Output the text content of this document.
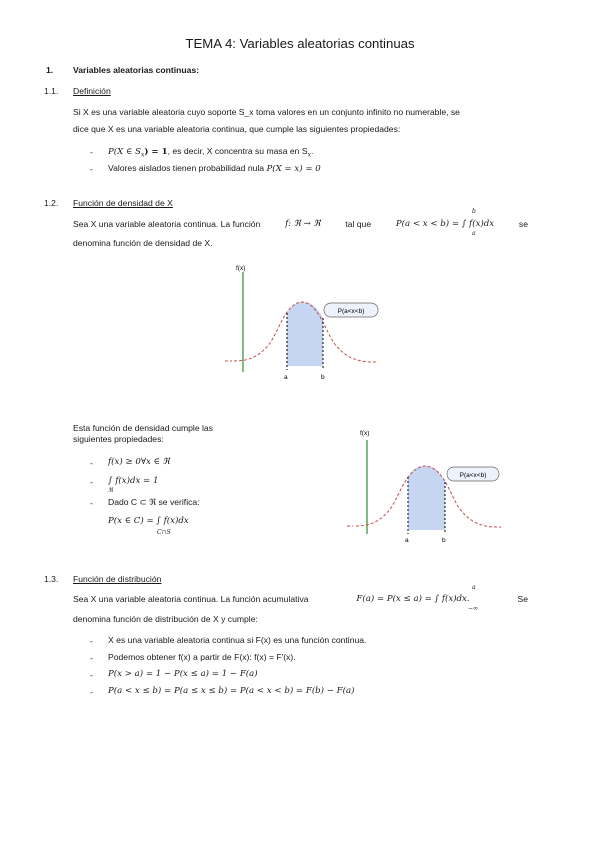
TEMA 4: Variables aleatorias continuas
1. Variables aleatorias continuas:
1.1. Definición
Si X es una variable aleatoria cuyo soporte S_x toma valores en un conjunto infinito no numerable, se
dice que X es una variable aleatoria continua, que cumple las siguientes propiedades:
- P(X ∈ $S_x) = 1$, es decir, X concentra su masa en $S_x$.
- Valores aislados tienen probabilidad nula P(X = x) = 0
1.2. Función de densidad de X
Sea X una variable aleatoria continua. La función	f: ℜ → ℜ	tal que	P(a < x < b) = ∫ f(x)dx	se
b
a
denomina función de densidad de X.
P(a<x<b)
f(x)
a	b
Esta función de densidad cumple las
siguientes propiedades:
- f(x) ≥ 0∀x ∈ ℜ
- ∫ f(x)dx = 1
ℜ
- Dado C ⊂ ℜ se verifica:
P(x ∈ C) = ∫ f(x)dx
C∩S
P(a<x<b)
f(x)
a	b
1.3. Función de distribución
Sea X una variable aleatoria continua. La función acumulativa	F(a) = P(x ≤ a) = ∫ f(x)dx.	Se
a
−∞
denomina función de distribución de X y cumple:
- X es una variable aleatoria continua si F(x) es una función continua.
- Podemos obtener f(x) a partir de F(x): f(x) = F'(x).
- P(x > a) = 1 − P(x ≤ a) = 1 − F(a)
- P(a < x ≤ b) = P(a ≤ x ≤ b) = P(a < x < b) = F(b) − F(a)
